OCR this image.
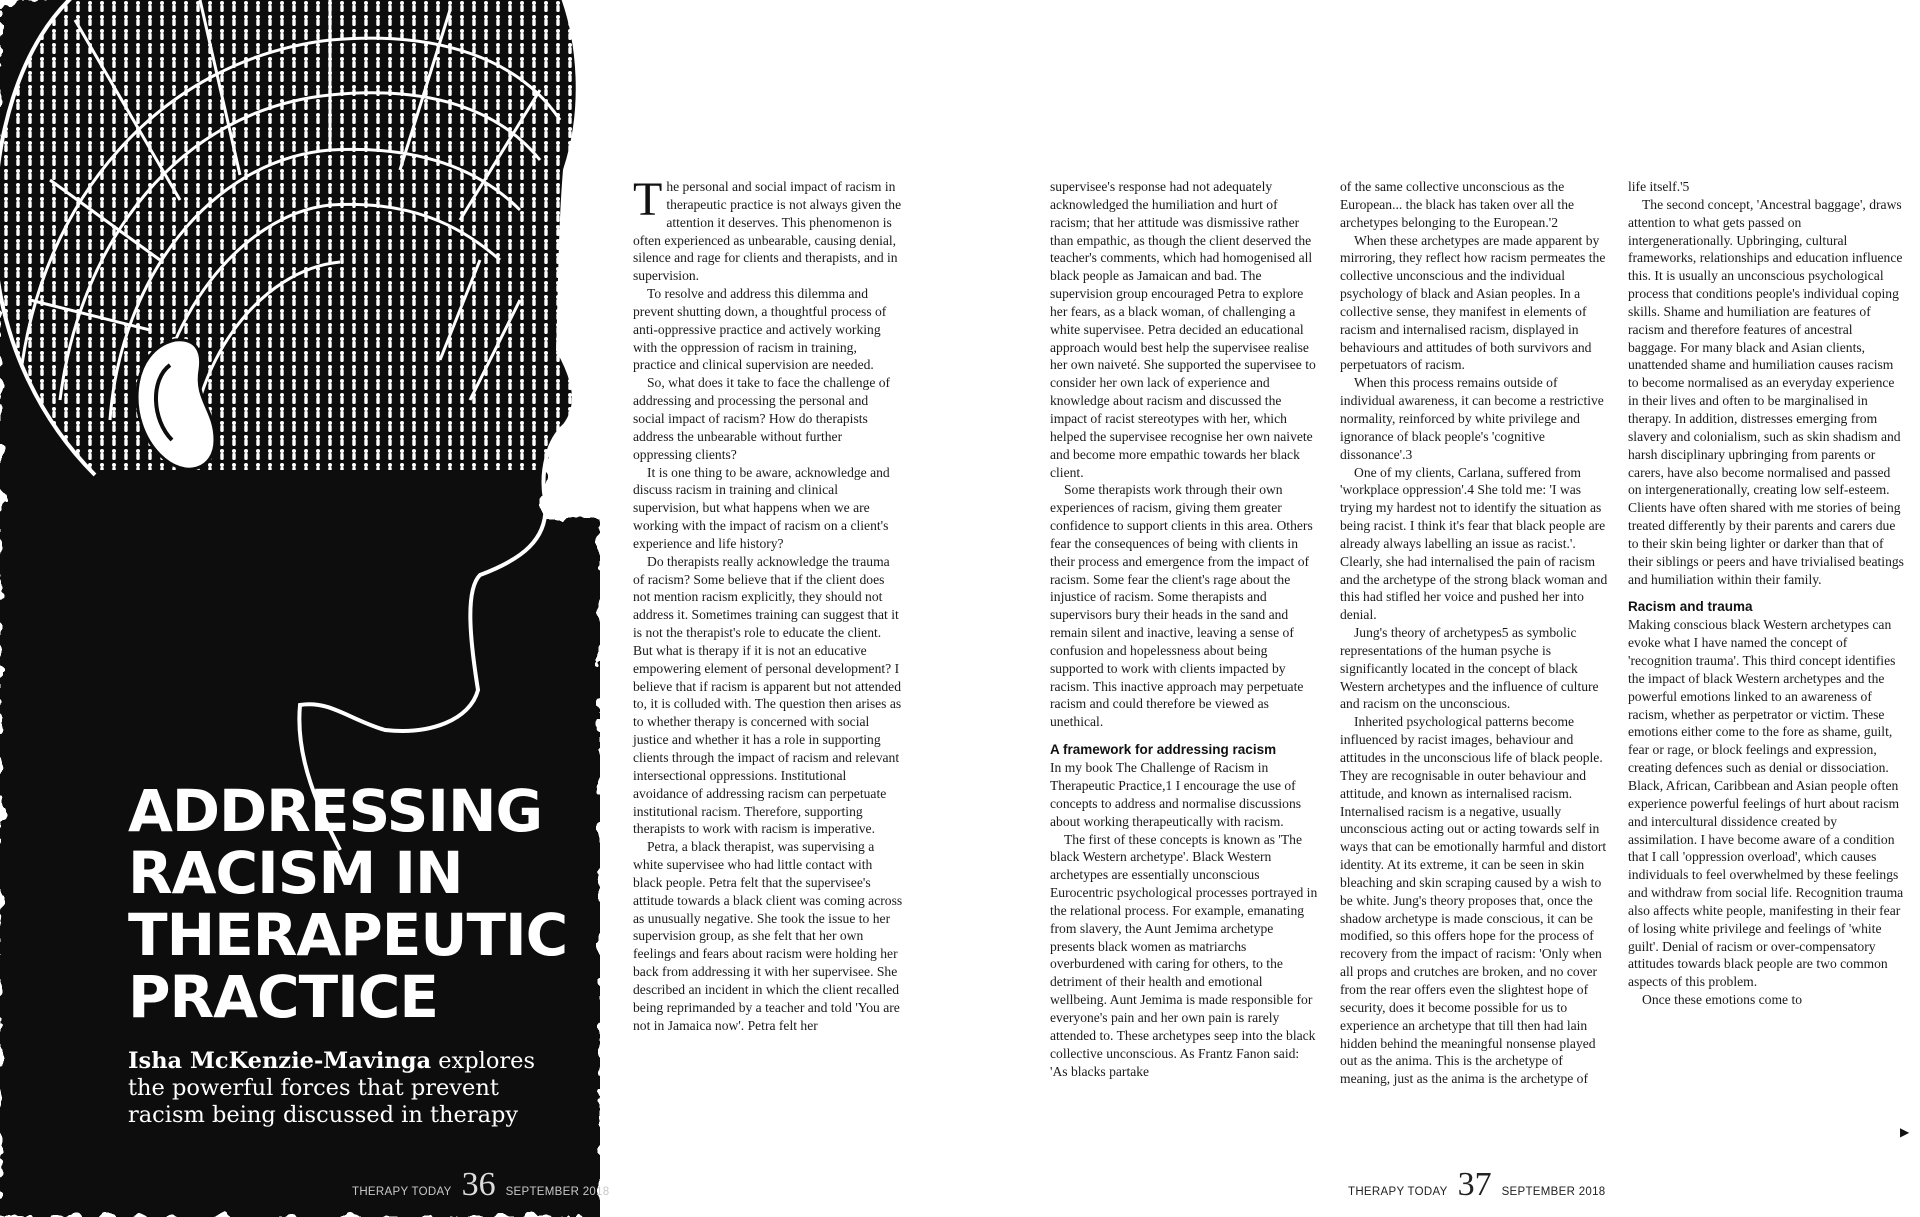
ADDRESSING
RACISM IN
THERAPEUTIC
PRACTICE
Isha McKenzie-Mavinga explores the powerful forces that prevent racism being discussed in therapy

The personal and social impact of racism in therapeutic practice is not always given the attention it deserves. This phenomenon is often experienced as unbearable, causing denial, silence and rage for clients and therapists, and in supervision.

To resolve and address this dilemma and prevent shutting down, a thoughtful process of anti-oppressive practice and actively working with the oppression of racism in training, practice and clinical supervision are needed.

So, what does it take to face the challenge of addressing and processing the personal and social impact of racism? How do therapists address the unbearable without further oppressing clients?

It is one thing to be aware, acknowledge and discuss racism in training and clinical supervision, but what happens when we are working with the impact of racism on a client's experience and life history?

Do therapists really acknowledge the trauma of racism? Some believe that if the client does not mention racism explicitly, they should not address it. Sometimes training can suggest that it is not the therapist's role to educate the client. But what is therapy if it is not an educative empowering element of personal development? I believe that if racism is apparent but not attended to, it is colluded with. The question then arises as to whether therapy is concerned with social justice and whether it has a role in supporting clients through the impact of racism and relevant intersectional oppressions. Institutional avoidance of addressing racism can perpetuate institutional racism. Therefore, supporting therapists to work with racism is imperative.

Petra, a black therapist, was supervising a white supervisee who had little contact with black people. Petra felt that the supervisee's attitude towards a black client was coming across as unusually negative. She took the issue to her supervision group, as she felt that her own feelings and fears about racism were holding her back from addressing it with her supervisee. She described an incident in which the client recalled being reprimanded by a teacher and told 'You are not in Jamaica now'. Petra felt her

supervisee's response had not adequately acknowledged the humiliation and hurt of racism; that her attitude was dismissive rather than empathic, as though the client deserved the teacher's comments, which had homogenised all black people as Jamaican and bad. The supervision group encouraged Petra to explore her fears, as a black woman, of challenging a white supervisee. Petra decided an educational approach would best help the supervisee realise her own naiveté. She supported the supervisee to consider her own lack of experience and knowledge about racism and discussed the impact of racist stereotypes with her, which helped the supervisee recognise her own naivete and become more empathic towards her black client.

Some therapists work through their own experiences of racism, giving them greater confidence to support clients in this area. Others fear the consequences of being with clients in their process and emergence from the impact of racism. Some fear the client's rage about the injustice of racism. Some therapists and supervisors bury their heads in the sand and remain silent and inactive, leaving a sense of confusion and hopelessness about being supported to work with clients impacted by racism. This inactive approach may perpetuate racism and could therefore be viewed as unethical.

A framework for addressing racism

In my book The Challenge of Racism in Therapeutic Practice,1 I encourage the use of concepts to address and normalise discussions about working therapeutically with racism.

The first of these concepts is known as 'The black Western archetype'. Black Western archetypes are essentially unconscious Eurocentric psychological processes portrayed in the relational process. For example, emanating from slavery, the Aunt Jemima archetype presents black women as matriarchs overburdened with caring for others, to the detriment of their health and emotional wellbeing. Aunt Jemima is made responsible for everyone's pain and her own pain is rarely attended to. These archetypes seep into the black collective unconscious. As Frantz Fanon said: 'As blacks partake

of the same collective unconscious as the European... the black has taken over all the archetypes belonging to the European.'2

When these archetypes are made apparent by mirroring, they reflect how racism permeates the collective unconscious and the individual psychology of black and Asian peoples. In a collective sense, they manifest in elements of racism and internalised racism, displayed in behaviours and attitudes of both survivors and perpetuators of racism.

When this process remains outside of individual awareness, it can become a restrictive normality, reinforced by white privilege and ignorance of black people's 'cognitive dissonance'.3

One of my clients, Carlana, suffered from 'workplace oppression'.4 She told me: 'I was trying my hardest not to identify the situation as being racist. I think it's fear that black people are already always labelling an issue as racist.'. Clearly, she had internalised the pain of racism and the archetype of the strong black woman and this had stifled her voice and pushed her into denial.

Jung's theory of archetypes5 as symbolic representations of the human psyche is significantly located in the concept of black Western archetypes and the influence of culture and racism on the unconscious.

Inherited psychological patterns become influenced by racist images, behaviour and attitudes in the unconscious life of black people. They are recognisable in outer behaviour and attitude, and known as internalised racism. Internalised racism is a negative, usually unconscious acting out or acting towards self in ways that can be emotionally harmful and distort identity. At its extreme, it can be seen in skin bleaching and skin scraping caused by a wish to be white. Jung's theory proposes that, once the shadow archetype is made conscious, it can be modified, so this offers hope for the process of recovery from the impact of racism: 'Only when all props and crutches are broken, and no cover from the rear offers even the slightest hope of security, does it become possible for us to experience an archetype that till then had lain hidden behind the meaningful nonsense played out as the anima. This is the archetype of meaning, just as the anima is the archetype of

life itself.'5

The second concept, 'Ancestral baggage', draws attention to what gets passed on intergenerationally. Upbringing, cultural frameworks, relationships and education influence this. It is usually an unconscious psychological process that conditions people's individual coping skills. Shame and humiliation are features of racism and therefore features of ancestral baggage. For many black and Asian clients, unattended shame and humiliation causes racism to become normalised as an everyday experience in their lives and often to be marginalised in therapy. In addition, distresses emerging from slavery and colonialism, such as skin shadism and harsh disciplinary upbringing from parents or carers, have also become normalised and passed on intergenerationally, creating low self-esteem. Clients have often shared with me stories of being treated differently by their parents and carers due to their skin being lighter or darker than that of their siblings or peers and have trivialised beatings and humiliation within their family.

Racism and trauma

Making conscious black Western archetypes can evoke what I have named the concept of 'recognition trauma'. This third concept identifies the impact of black Western archetypes and the powerful emotions linked to an awareness of racism, whether as perpetrator or victim. These emotions either come to the fore as shame, guilt, fear or rage, or block feelings and expression, creating defences such as denial or dissociation. Black, African, Caribbean and Asian people often experience powerful feelings of hurt about racism and intercultural dissidence created by assimilation. I have become aware of a condition that I call 'oppression overload', which causes individuals to feel overwhelmed by these feelings and withdraw from social life. Recognition trauma also affects white people, manifesting in their fear of losing white privilege and feelings of 'white guilt'. Denial of racism or over-compensatory attitudes towards black people are two common aspects of this problem.

Once these emotions come to

▶
THERAPY TODAY 36 SEPTEMBER 2018	THERAPY TODAY 37 SEPTEMBER 2018
